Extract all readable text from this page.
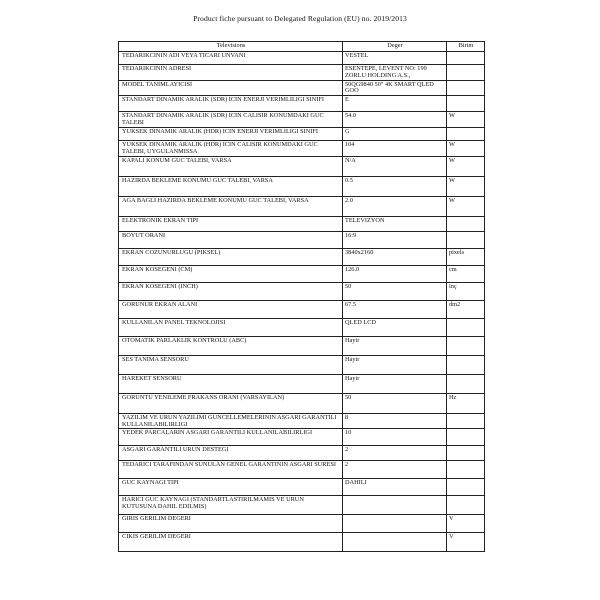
Product fiche pursuant to Delegated Regulation (EU) no. 2019/2013
Televisions	Deger	Birim
TEDARIKCININ ADI VEYA TICARI UNVANI	VESTEL	
TEDARIKCININ ADRESI	ESENTEPE, LEVENT NO: 199 ZORLU HOLDING A.S.,	
MODEL TANIMLAYICISI	50QG9840 50" 4K SMART QLED GOO	
STANDART DINAMIK ARALIK (SDR) ICIN ENERJI VERIMLILIGI SINIFI	E	
STANDART DINAMIK ARALIK (SDR) ICIN CALISIR KONUMDAKI GUC TALEBI	54.0	W
YUKSEK DINAMIK ARALIK (HDR) ICIN ENERJI VERIMLILIGI SINIFI	G	
YUKSEK DINAMIK ARALIK (HDR) ICIN CALISIR KONUMDAKI GUC TALEBI, UYGULANMISSA	104	W
KAPALI KONUM GUC TALEBI, VARSA	N/A	W
HAZIRDA BEKLEME KONUMU GUC TALEBI, VARSA	0.5	W
AGA BAGLI HAZIRDA BEKLEME KONUMU GUC TALEBI, VARSA	2.0	W
ELEKTRONIK EKRAN TIPI	TELEVIZYON	
BOYUT ORANI	16:9	
EKRAN COZUNURLUGU (PIKSEL)	3840x2160	pixels
EKRAN KOSEGENI (CM)	126.0	cm
EKRAN KOSEGENI (INCH)	50	inç
GORUNUR EKRAN ALANI	67.5	dm2
KULLANILAN PANEL TEKNOLOJISI	QLED LCD	
OTOMATIK PARLAKLIK KONTROLU (ABC)	Hayir	
SES TANIMA SENSORU	Hayir	
HAREKET SENSORU	Hayir	
GORUNTU YENILEME FRAKANS ORANI (VARSAYILAN)	50	Hz
YAZILIM VE URUN YAZILIMI GUNCELLEMELERININ ASGARI GARANTILI KULLANILABILIRLIGI	8	
YEDEK PARCALARIN ASGARI GARANTILI KULLANILABILIRLIGI	10	
ASGARI GARANTILI URUN DESTEGI	2	
TEDARICI TARAFINDAN SUNULAN GENEL GARANTININ ASGARI SURESI	2	
GUC KAYNAGI TIPI	DAHILI	
HARICI GUC KAYNAGI (STANDARTLASTIRILMAMIS VE URUN KUTUSUNA DAHIL EDILMIS)		
GIRIS GERILIM DEGERI		V
CIKIS GERILIM DEGERI		V
